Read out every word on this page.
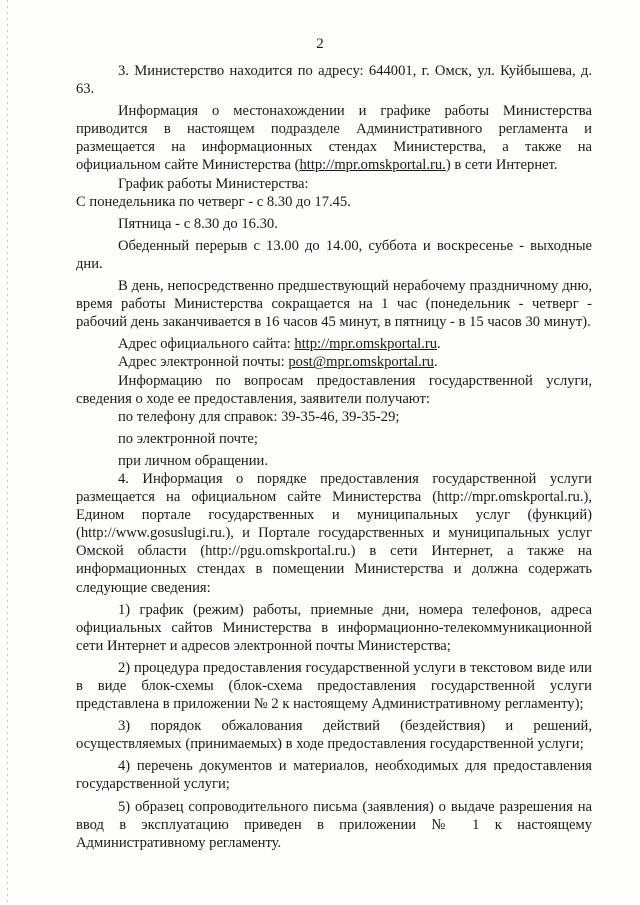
2

3. Министерство находится по адресу: 644001, г. Омск, ул. Куйбышева, д. 63.

Информация о местонахождении и графике работы Министерства приводится в настоящем подразделе Административного регламента и размещается на информационных стендах Министерства, а также на официальном сайте Министерства (http://mpr.omskportal.ru.) в сети Интернет.

График работы Министерства:

С понедельника по четверг - с 8.30 до 17.45.

Пятница - с 8.30 до 16.30.

Обеденный перерыв с 13.00 до 14.00, суббота и воскресенье - выходные дни.

В день, непосредственно предшествующий нерабочему праздничному дню, время работы Министерства сокращается на 1 час (понедельник - четверг - рабочий день заканчивается в 16 часов 45 минут, в пятницу - в 15 часов 30 минут).

Адрес официального сайта: http://mpr.omskportal.ru.

Адрес электронной почты: post@mpr.omskportal.ru.

Информацию по вопросам предоставления государственной услуги, сведения о ходе ее предоставления, заявители получают:

по телефону для справок: 39-35-46, 39-35-29;

по электронной почте;

при личном обращении.

4. Информация о порядке предоставления государственной услуги размещается на официальном сайте Министерства (http://mpr.omskportal.ru.), Едином портале государственных и муниципальных услуг (функций) (http://www.gosuslugi.ru.), и Портале государственных и муниципальных услуг Омской области (http://pgu.omskportal.ru.) в сети Интернет, а также на информационных стендах в помещении Министерства и должна содержать следующие сведения:

1) график (режим) работы, приемные дни, номера телефонов, адреса официальных сайтов Министерства в информационно-телекоммуникационной сети Интернет и адресов электронной почты Министерства;

2) процедура предоставления государственной услуги в текстовом виде или в виде блок-схемы (блок-схема предоставления государственной услуги представлена в приложении № 2 к настоящему Административному регламенту);

3) порядок обжалования действий (бездействия) и решений, осуществляемых (принимаемых) в ходе предоставления государственной услуги;

4) перечень документов и материалов, необходимых для предоставления государственной услуги;

5) образец сопроводительного письма (заявления) о выдаче разрешения на ввод в эксплуатацию приведен в приложении № 1 к настоящему Административному регламенту.
